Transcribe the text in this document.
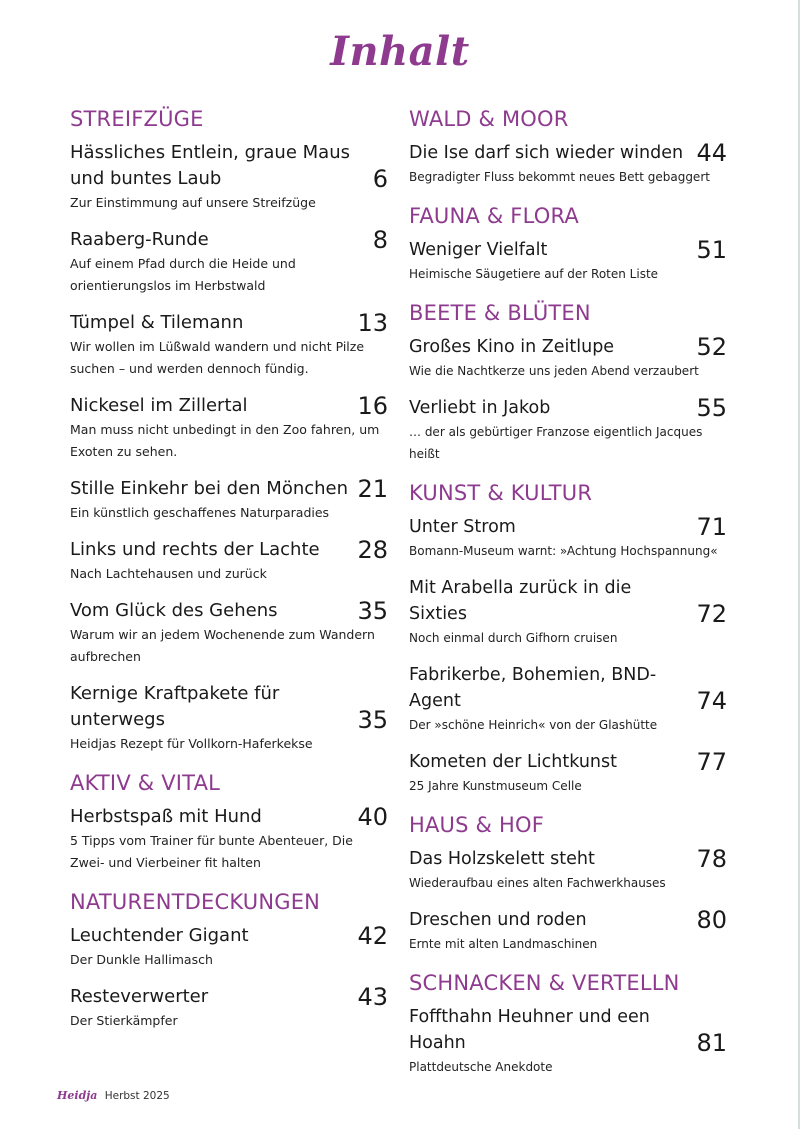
Inhalt
STREIFZÜGE
Hässliches Entlein, graue Maus und buntes Laub	6
Zur Einstimmung auf unsere Streifzüge
Raaberg-Runde	8
Auf einem Pfad durch die Heide und orientierungslos im Herbstwald
Tümpel & Tilemann	13
Wir wollen im Lüßwald wandern und nicht Pilze suchen – und werden dennoch fündig.
Nickesel im Zillertal	16
Man muss nicht unbedingt in den Zoo fahren, um Exoten zu sehen.
Stille Einkehr bei den Mönchen 21
Ein künstlich geschaffenes Naturparadies
Links und rechts der Lachte	28
Nach Lachtehausen und zurück
Vom Glück des Gehens	35
Warum wir an jedem Wochenende zum Wandern aufbrechen
Kernige Kraftpakete für unterwegs	35
Heidjas Rezept für Vollkorn-Haferkekse
AKTIV & VITAL
Herbstspaß mit Hund	40
5 Tipps vom Trainer für bunte Abenteuer, Die Zwei- und Vierbeiner fit halten
NATURENTDECKUNGEN
Leuchtender Gigant	42
Der Dunkle Hallimasch
Resteverwerter	43
Der Stierkämpfer
WALD & MOOR
Die Ise darf sich wieder winden 44
Begradigter Fluss bekommt neues Bett gebaggert
FAUNA & FLORA
Weniger Vielfalt	51
Heimische Säugetiere auf der Roten Liste
BEETE & BLÜTEN
Großes Kino in Zeitlupe	52
Wie die Nachtkerze uns jeden Abend verzaubert
Verliebt in Jakob	55
… der als gebürtiger Franzose eigentlich Jacques heißt
KUNST & KULTUR
Unter Strom	71
Bomann-Museum warnt: »Achtung Hochspannung«
Mit Arabella zurück in die Sixties	72
Noch einmal durch Gifhorn cruisen
Fabrikerbe, Bohemien, BND-Agent	74
Der »schöne Heinrich« von der Glashütte
Kometen der Lichtkunst	77
25 Jahre Kunstmuseum Celle
HAUS & HOF
Das Holzskelett steht	78
Wiederaufbau eines alten Fachwerkhauses
Dreschen und roden	80
Ernte mit alten Landmaschinen
SCHNACKEN & VERTELLN
Foffthahn Heuhner und een Hoahn	81
Plattdeutsche Anekdote
Heidja Herbst 2025
